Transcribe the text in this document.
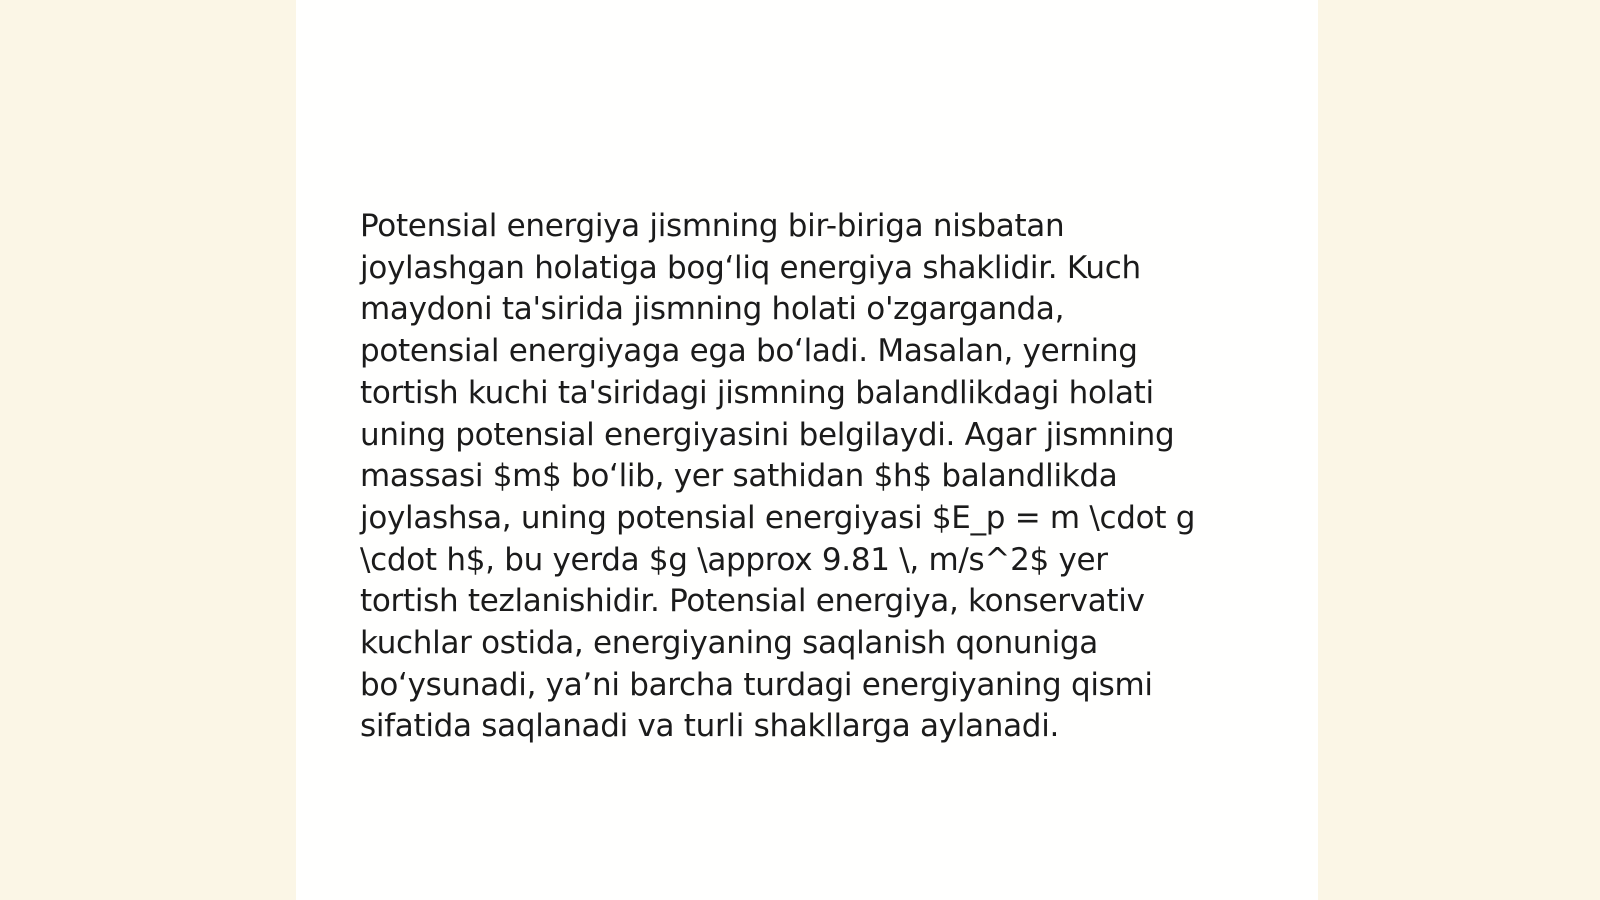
Potensial energiya jismning bir-biriga nisbatan
joylashgan holatiga bog‘liq energiya shaklidir. Kuch
maydoni ta'sirida jismning holati o'zgarganda,
potensial energiyaga ega bo‘ladi. Masalan, yerning
tortish kuchi ta'siridagi jismning balandlikdagi holati
uning potensial energiyasini belgilaydi. Agar jismning
massasi $m$ bo‘lib, yer sathidan $h$ balandlikda
joylashsa, uning potensial energiyasi $E_p = m \cdot g
\cdot h$, bu yerda $g \approx 9.81 \, m/s^2$ yer
tortish tezlanishidir. Potensial energiya, konservativ
kuchlar ostida, energiyaning saqlanish qonuniga
bo‘ysunadi, ya’ni barcha turdagi energiyaning qismi
sifatida saqlanadi va turli shakllarga aylanadi.
